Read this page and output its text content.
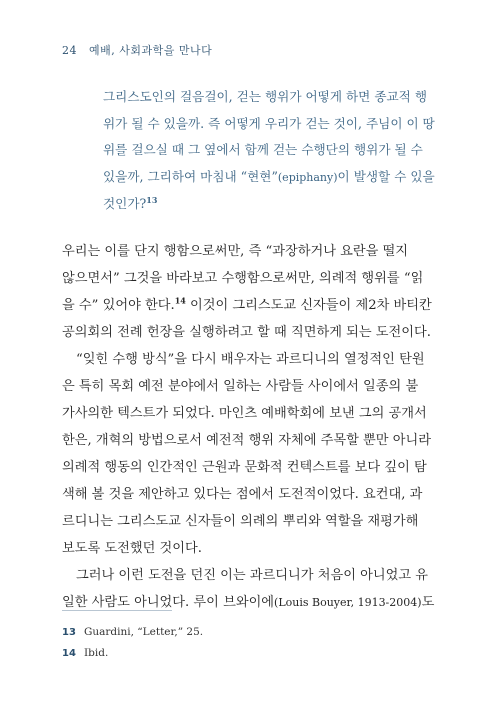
24 예배, 사회과학을 만나다
그리스도인의 걸음걸이, 걷는 행위가 어떻게 하면 종교적 행
위가 될 수 있을까. 즉 어떻게 우리가 걷는 것이, 주님이 이 땅
위를 걸으실 때 그 옆에서 함께 걷는 수행단의 행위가 될 수
있을까, 그리하여 마침내 “현현”(epiphany)이 발생할 수 있을
것인가?$^{13}$
우리는 이를 단지 행함으로써만, 즉 “과장하거나 요란을 떨지
않으면서” 그것을 바라보고 수행함으로써만, 의례적 행위를 “읽
을 수” 있어야 한다.$^{14}$ 이것이 그리스도교 신자들이 제2차 바티칸
공의회의 전례 헌장을 실행하려고 할 때 직면하게 되는 도전이다.
“잊힌 수행 방식”을 다시 배우자는 과르디니의 열정적인 탄원
은 특히 목회 예전 분야에서 일하는 사람들 사이에서 일종의 불
가사의한 텍스트가 되었다. 마인츠 예배학회에 보낸 그의 공개서
한은, 개혁의 방법으로서 예전적 행위 자체에 주목할 뿐만 아니라
의례적 행동의 인간적인 근원과 문화적 컨텍스트를 보다 깊이 탐
색해 볼 것을 제안하고 있다는 점에서 도전적이었다. 요컨대, 과
르디니는 그리스도교 신자들이 의례의 뿌리와 역할을 재평가해
보도록 도전했던 것이다.
그러나 이런 도전을 던진 이는 과르디니가 처음이 아니었고 유
일한 사람도 아니었다. 루이 브와이에(Louis Bouyer, 1913-2004)도
13 Guardini, “Letter,” 25.
14 Ibid.
